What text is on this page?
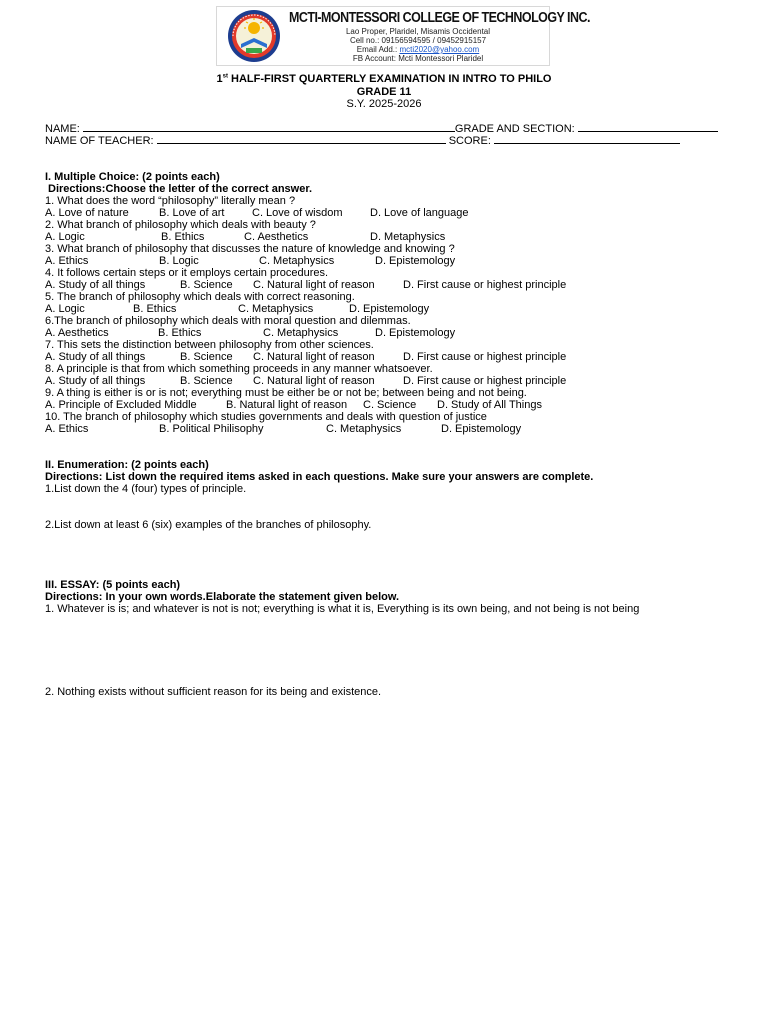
MCTI-MONTESSORI COLLEGE OF TECHNOLOGY INC.
Lao Proper, Plaridel, Misamis Occidental
Cell no.: 09156594595 / 09452915157
Email Add.: mcti2020@yahoo.com
FB Account: Mcti Montessori Plaridel
1st HALF-FIRST QUARTERLY EXAMINATION IN INTRO TO PHILO
GRADE 11
S.Y. 2025-2026
NAME:	GRADE AND SECTION:
NAME OF TEACHER:	SCORE:
I. Multiple Choice: (2 points each)
Directions:Choose the letter of the correct answer.
1. What does the word “philosophy” literally mean ?
A. Love of nature	B. Love of art	C. Love of wisdom	D. Love of language
2. What branch of philosophy which deals with beauty ?
A. Logic	B. Ethics	C. Aesthetics	D. Metaphysics
3. What branch of philosophy that discusses the nature of knowledge and knowing ?
A. Ethics	B. Logic	C. Metaphysics	D. Epistemology
4. It follows certain steps or it employs certain procedures.
A. Study of all things	B. Science C. Natural light of reason	D. First cause or highest principle
5. The branch of philosophy which deals with correct reasoning.
A. Logic	B. Ethics	C. Metaphysics	D. Epistemology
6.The branch of philosophy which deals with moral question and dilemmas.
A. Aesthetics	B. Ethics	C. Metaphysics	D. Epistemology
7. This sets the distinction between philosophy from other sciences.
A. Study of all things	B. Science C. Natural light of reason	D. First cause or highest principle
8. A principle is that from which something proceeds in any manner whatsoever.
A. Study of all things	B. Science C. Natural light of reason	D. First cause or highest principle
9. A thing is either is or is not; everything must be either be or not be; between being and not being.
A. Principle of Excluded Middle	B. Natural light of reason C. Science D. Study of All Things
10. The branch of philosophy which studies governments and deals with question of justice
A. Ethics	B. Political Philisophy	C. Metaphysics	D. Epistemology
II. Enumeration: (2 points each)
Directions: List down the required items asked in each questions. Make sure your answers are complete.
1.List down the 4 (four) types of principle.
2.List down at least 6 (six) examples of the branches of philosophy.
III. ESSAY: (5 points each)
Directions: In your own words.Elaborate the statement given below.
1. Whatever is is; and whatever is not is not; everything is what it is, Everything is its own being, and not being is not being
2. Nothing exists without sufficient reason for its being and existence.
